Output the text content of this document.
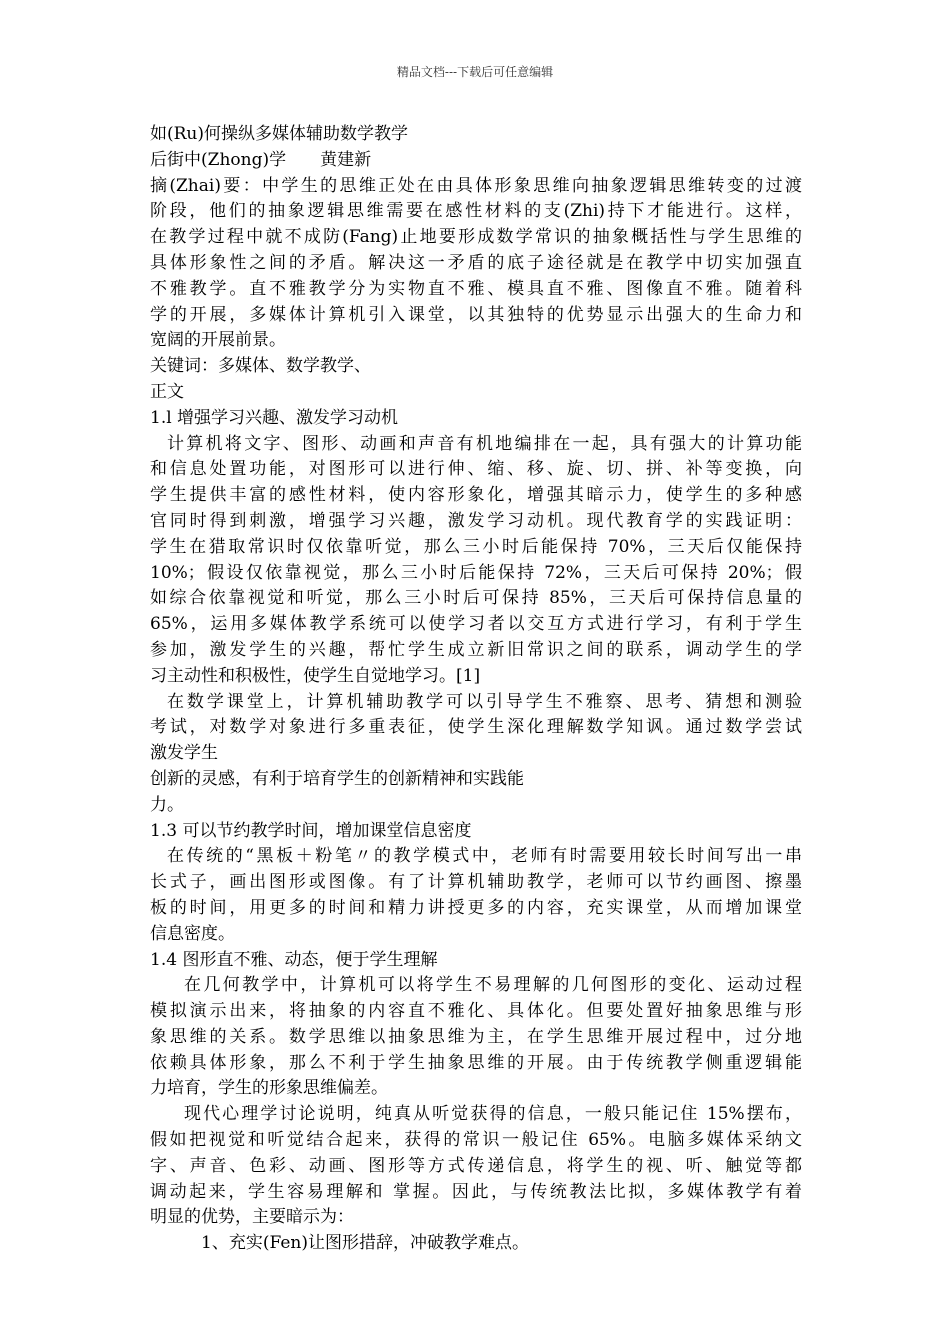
精品文档---下载后可任意编辑
如(Ru)何操纵多媒体辅助数学教学
后街中(Zhong)学　　黄建新
摘(Zhai)要：中学生的思维正处在由具体形象思维向抽象逻辑思维转变的过渡
阶段，他们的抽象逻辑思维需要在感性材料的支(Zhi)持下才能进行。这样，
在教学过程中就不成防(Fang)止地要形成数学常识的抽象概括性与学生思维的
具体形象性之间的矛盾。解决这一矛盾的底子途径就是在教学中切实加强直
不雅教学。直不雅教学分为实物直不雅、模具直不雅、图像直不雅。随着科
学的开展，多媒体计算机引入课堂，以其独特的优势显示出强大的生命力和
宽阔的开展前景。
关键词：多媒体、数学教学、
正文
1.l 增强学习兴趣、激发学习动机
计算机将文字、图形、动画和声音有机地编排在一起，具有强大的计算功能
和信息处置功能，对图形可以进行伸、缩、移、旋、切、拼、补等变换，向
学生提供丰富的感性材料，使内容形象化，增强其暗示力，使学生的多种感
官同时得到刺激，增强学习兴趣，激发学习动机。现代教育学的实践证明：
学生在猎取常识时仅依靠听觉，那么三小时后能保持 70%，三天后仅能保持
10%；假设仅依靠视觉，那么三小时后能保持 72%，三天后可保持 20%；假
如综合依靠视觉和听觉，那么三小时后可保持 85%，三天后可保持信息量的
65%，运用多媒体教学系统可以使学习者以交互方式进行学习，有利于学生
参加，激发学生的兴趣，帮忙学生成立新旧常识之间的联系，调动学生的学
习主动性和积极性，使学生自觉地学习。[1]
在数学课堂上，计算机辅助教学可以引导学生不雅察、思考、猜想和测验
考试，对数学对象进行多重表征，使学生深化理解数学知讽。通过数学尝试
激发学生
创新的灵感，有利于培育学生的创新精神和实践能
力。
1.3 可以节约教学时间，增加课堂信息密度
在传统的“黑板＋粉笔〃的教学模式中，老师有时需要用较长时间写出一串
长式子，画出图形或图像。有了计算机辅助教学，老师可以节约画图、擦墨
板的时间，用更多的时间和精力讲授更多的内容，充实课堂，从而增加课堂
信息密度。
1.4 图形直不雅、动态，便于学生理解
在几何教学中，计算机可以将学生不易理解的几何图形的变化、运动过程
模拟演示出来，将抽象的内容直不雅化、具体化。但要处置好抽象思维与形
象思维的关系。数学思维以抽象思维为主，在学生思维开展过程中，过分地
依赖具体形象，那么不利于学生抽象思维的开展。由于传统教学侧重逻辑能
力培育，学生的形象思维偏差。
现代心理学讨论说明，纯真从听觉获得的信息，一般只能记住 15%摆布，
假如把视觉和听觉结合起来，获得的常识一般记住 65%。电脑多媒体采纳文
字、声音、色彩、动画、图形等方式传递信息，将学生的视、听、触觉等都
调动起来，学生容易理解和 掌握。因此，与传统教法比拟，多媒体教学有着
明显的优势，主要暗示为：
1、充实(Fen)让图形措辞，冲破教学难点。
